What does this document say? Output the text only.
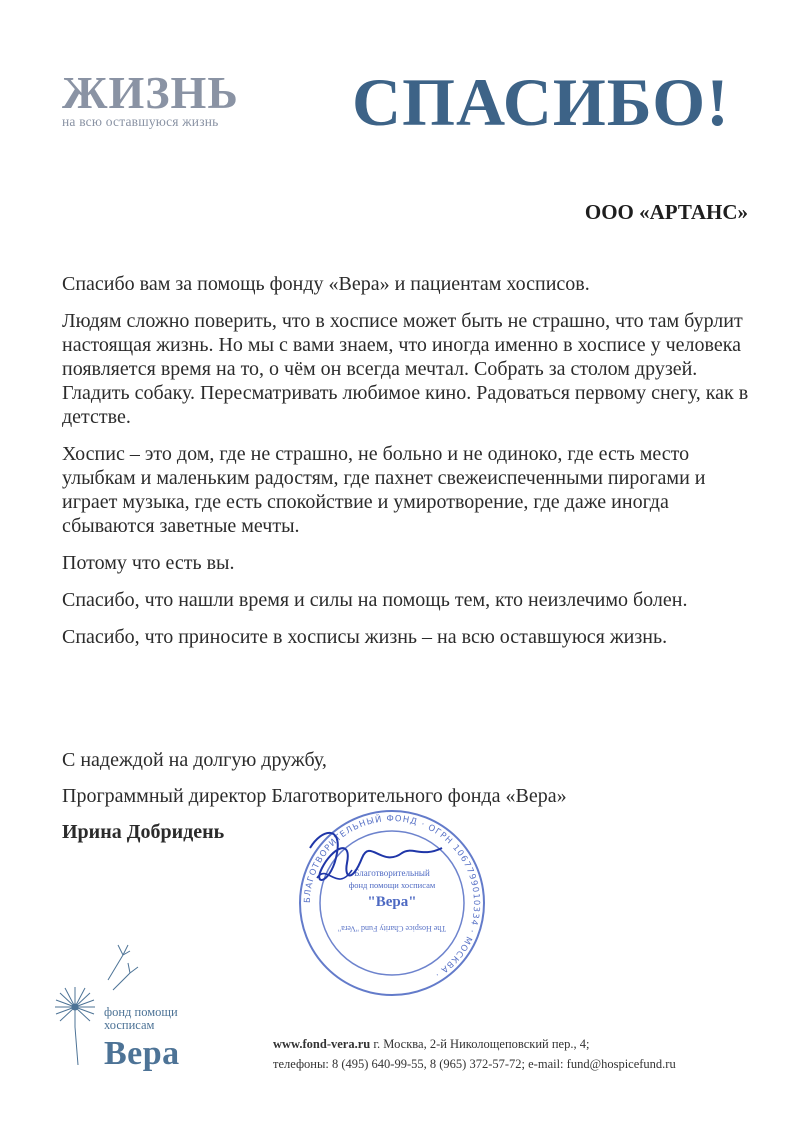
ЖИЗНЬ
на всю оставшуюся жизнь	СПАСИБО!
ООО «АРТАНС»

Спасибо вам за помощь фонду «Вера» и пациентам хосписов.

Людям сложно поверить, что в хосписе может быть не страшно, что там бурлит настоящая жизнь. Но мы с вами знаем, что иногда именно в хосписе у человека появляется время на то, о чём он всегда мечтал. Собрать за столом друзей. Гладить собаку. Пересматривать любимое кино. Радоваться первому снегу, как в детстве.

Хоспис – это дом, где не страшно, не больно и не одиноко, где есть место улыбкам и маленьким радостям, где пахнет свежеиспеченными пирогами и играет музыка, где есть спокойствие и умиротворение, где даже иногда сбываются заветные мечты.

Потому что есть вы.

Спасибо, что нашли время и силы на помощь тем, кто неизлечимо болен.

Спасибо, что приносите в хосписы жизнь – на всю оставшуюся жизнь.

С надеждой на долгую дружбу,

Программный директор Благотворительного фонда «Вера»

Ирина Добридень

БЛАГОТВОРИТЕЛЬНЫЙ ФОНД · ОГРН 1067799010334 · МОСКВА ·
Благотворительный
фонд помощи хосписам
"Вера"
The Hospice Charity Fund "Vera"
фонд помощи
хосписам
Вера	www.fond-vera.ru г. Москва, 2-й Николощеповский пер., 4;
телефоны: 8 (495) 640-99-55, 8 (965) 372-57-72; e-mail: fund@hospicefund.ru
